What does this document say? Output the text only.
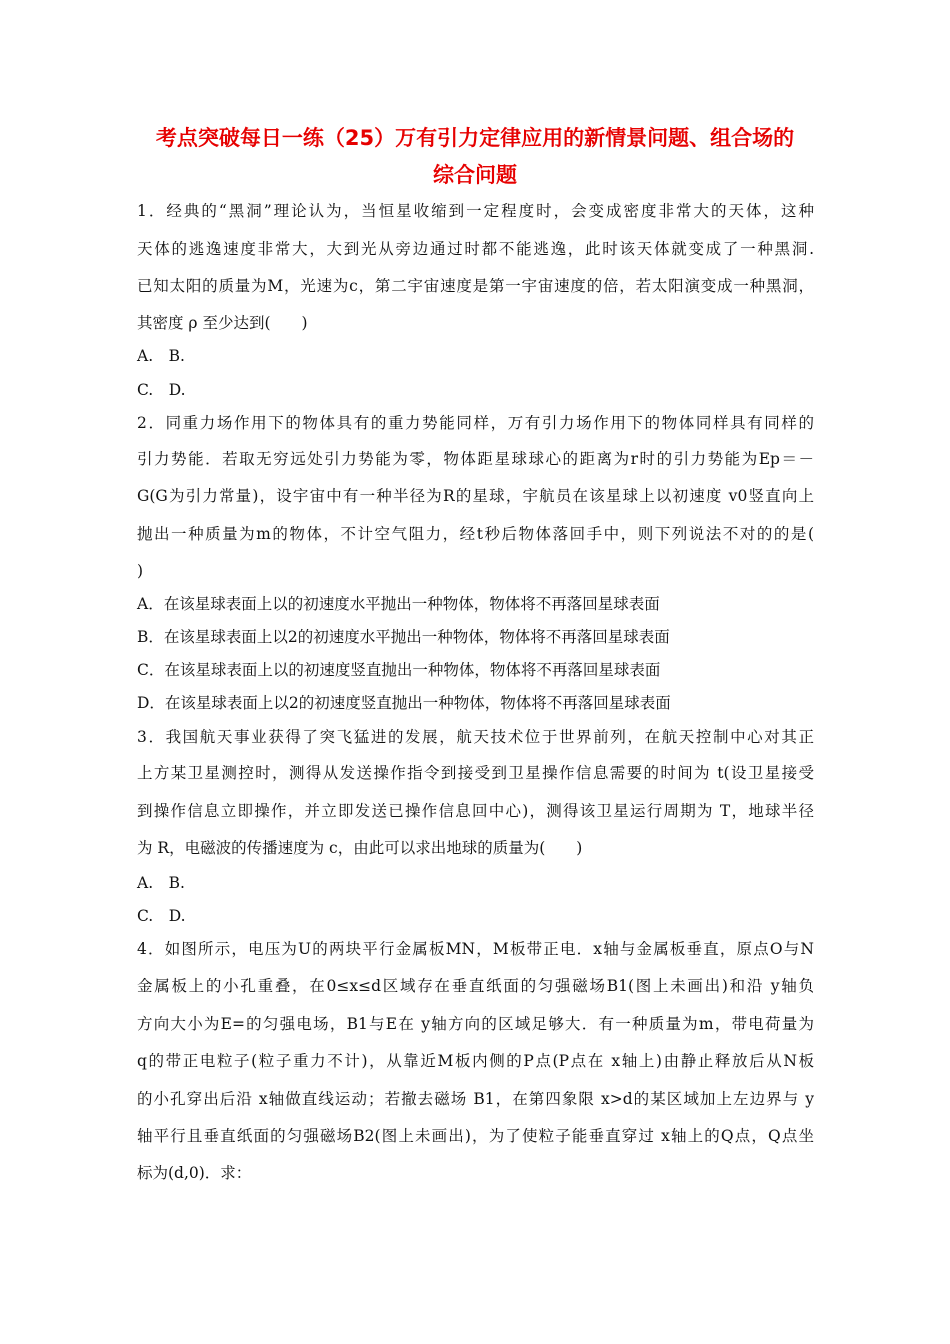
考点突破每日一练（25）万有引力定律应用的新情景问题、组合场的
综合问题
1．经典的“黑洞”理论认为，当恒星收缩到一定程度时，会变成密度非常大的天体，这种
天体的逃逸速度非常大，大到光从旁边通过时都不能逃逸，此时该天体就变成了一种黑洞.
已知太阳的质量为M，光速为c，第二宇宙速度是第一宇宙速度的倍，若太阳演变成一种黑洞，
其密度 ρ 至少达到(　　)
A.　B.
C.　D.
2．同重力场作用下的物体具有的重力势能同样，万有引力场作用下的物体同样具有同样的
引力势能．若取无穷远处引力势能为零，物体距星球球心的距离为r时的引力势能为Ep＝－
G(G为引力常量)，设宇宙中有一种半径为R的星球，宇航员在该星球上以初速度 v0竖直向上
抛出一种质量为m的物体，不计空气阻力，经t秒后物体落回手中，则下列说法不对的的是(
)
A．在该星球表面上以的初速度水平抛出一种物体，物体将不再落回星球表面
B．在该星球表面上以2的初速度水平抛出一种物体，物体将不再落回星球表面
C．在该星球表面上以的初速度竖直抛出一种物体，物体将不再落回星球表面
D．在该星球表面上以2的初速度竖直抛出一种物体，物体将不再落回星球表面
3．我国航天事业获得了突飞猛进的发展，航天技术位于世界前列，在航天控制中心对其正
上方某卫星测控时，测得从发送操作指令到接受到卫星操作信息需要的时间为 t(设卫星接受
到操作信息立即操作，并立即发送已操作信息回中心)，测得该卫星运行周期为 T，地球半径
为 R，电磁波的传播速度为 c，由此可以求出地球的质量为(　　)
A.　B.
C.　D.
4．如图所示，电压为U的两块平行金属板MN，M板带正电．x轴与金属板垂直，原点O与N
金属板上的小孔重叠，在0≤x≤d区域存在垂直纸面的匀强磁场B1(图上未画出)和沿 y轴负
方向大小为E=的匀强电场，B1与E在 y轴方向的区域足够大．有一种质量为m，带电荷量为
q的带正电粒子(粒子重力不计)，从靠近M板内侧的P点(P点在 x轴上)由静止释放后从N板
的小孔穿出后沿 x轴做直线运动；若撤去磁场 B1，在第四象限 x>d的某区域加上左边界与 y
轴平行且垂直纸面的匀强磁场B2(图上未画出)，为了使粒子能垂直穿过 x轴上的Q点，Q点坐
标为(d,0)．求：
